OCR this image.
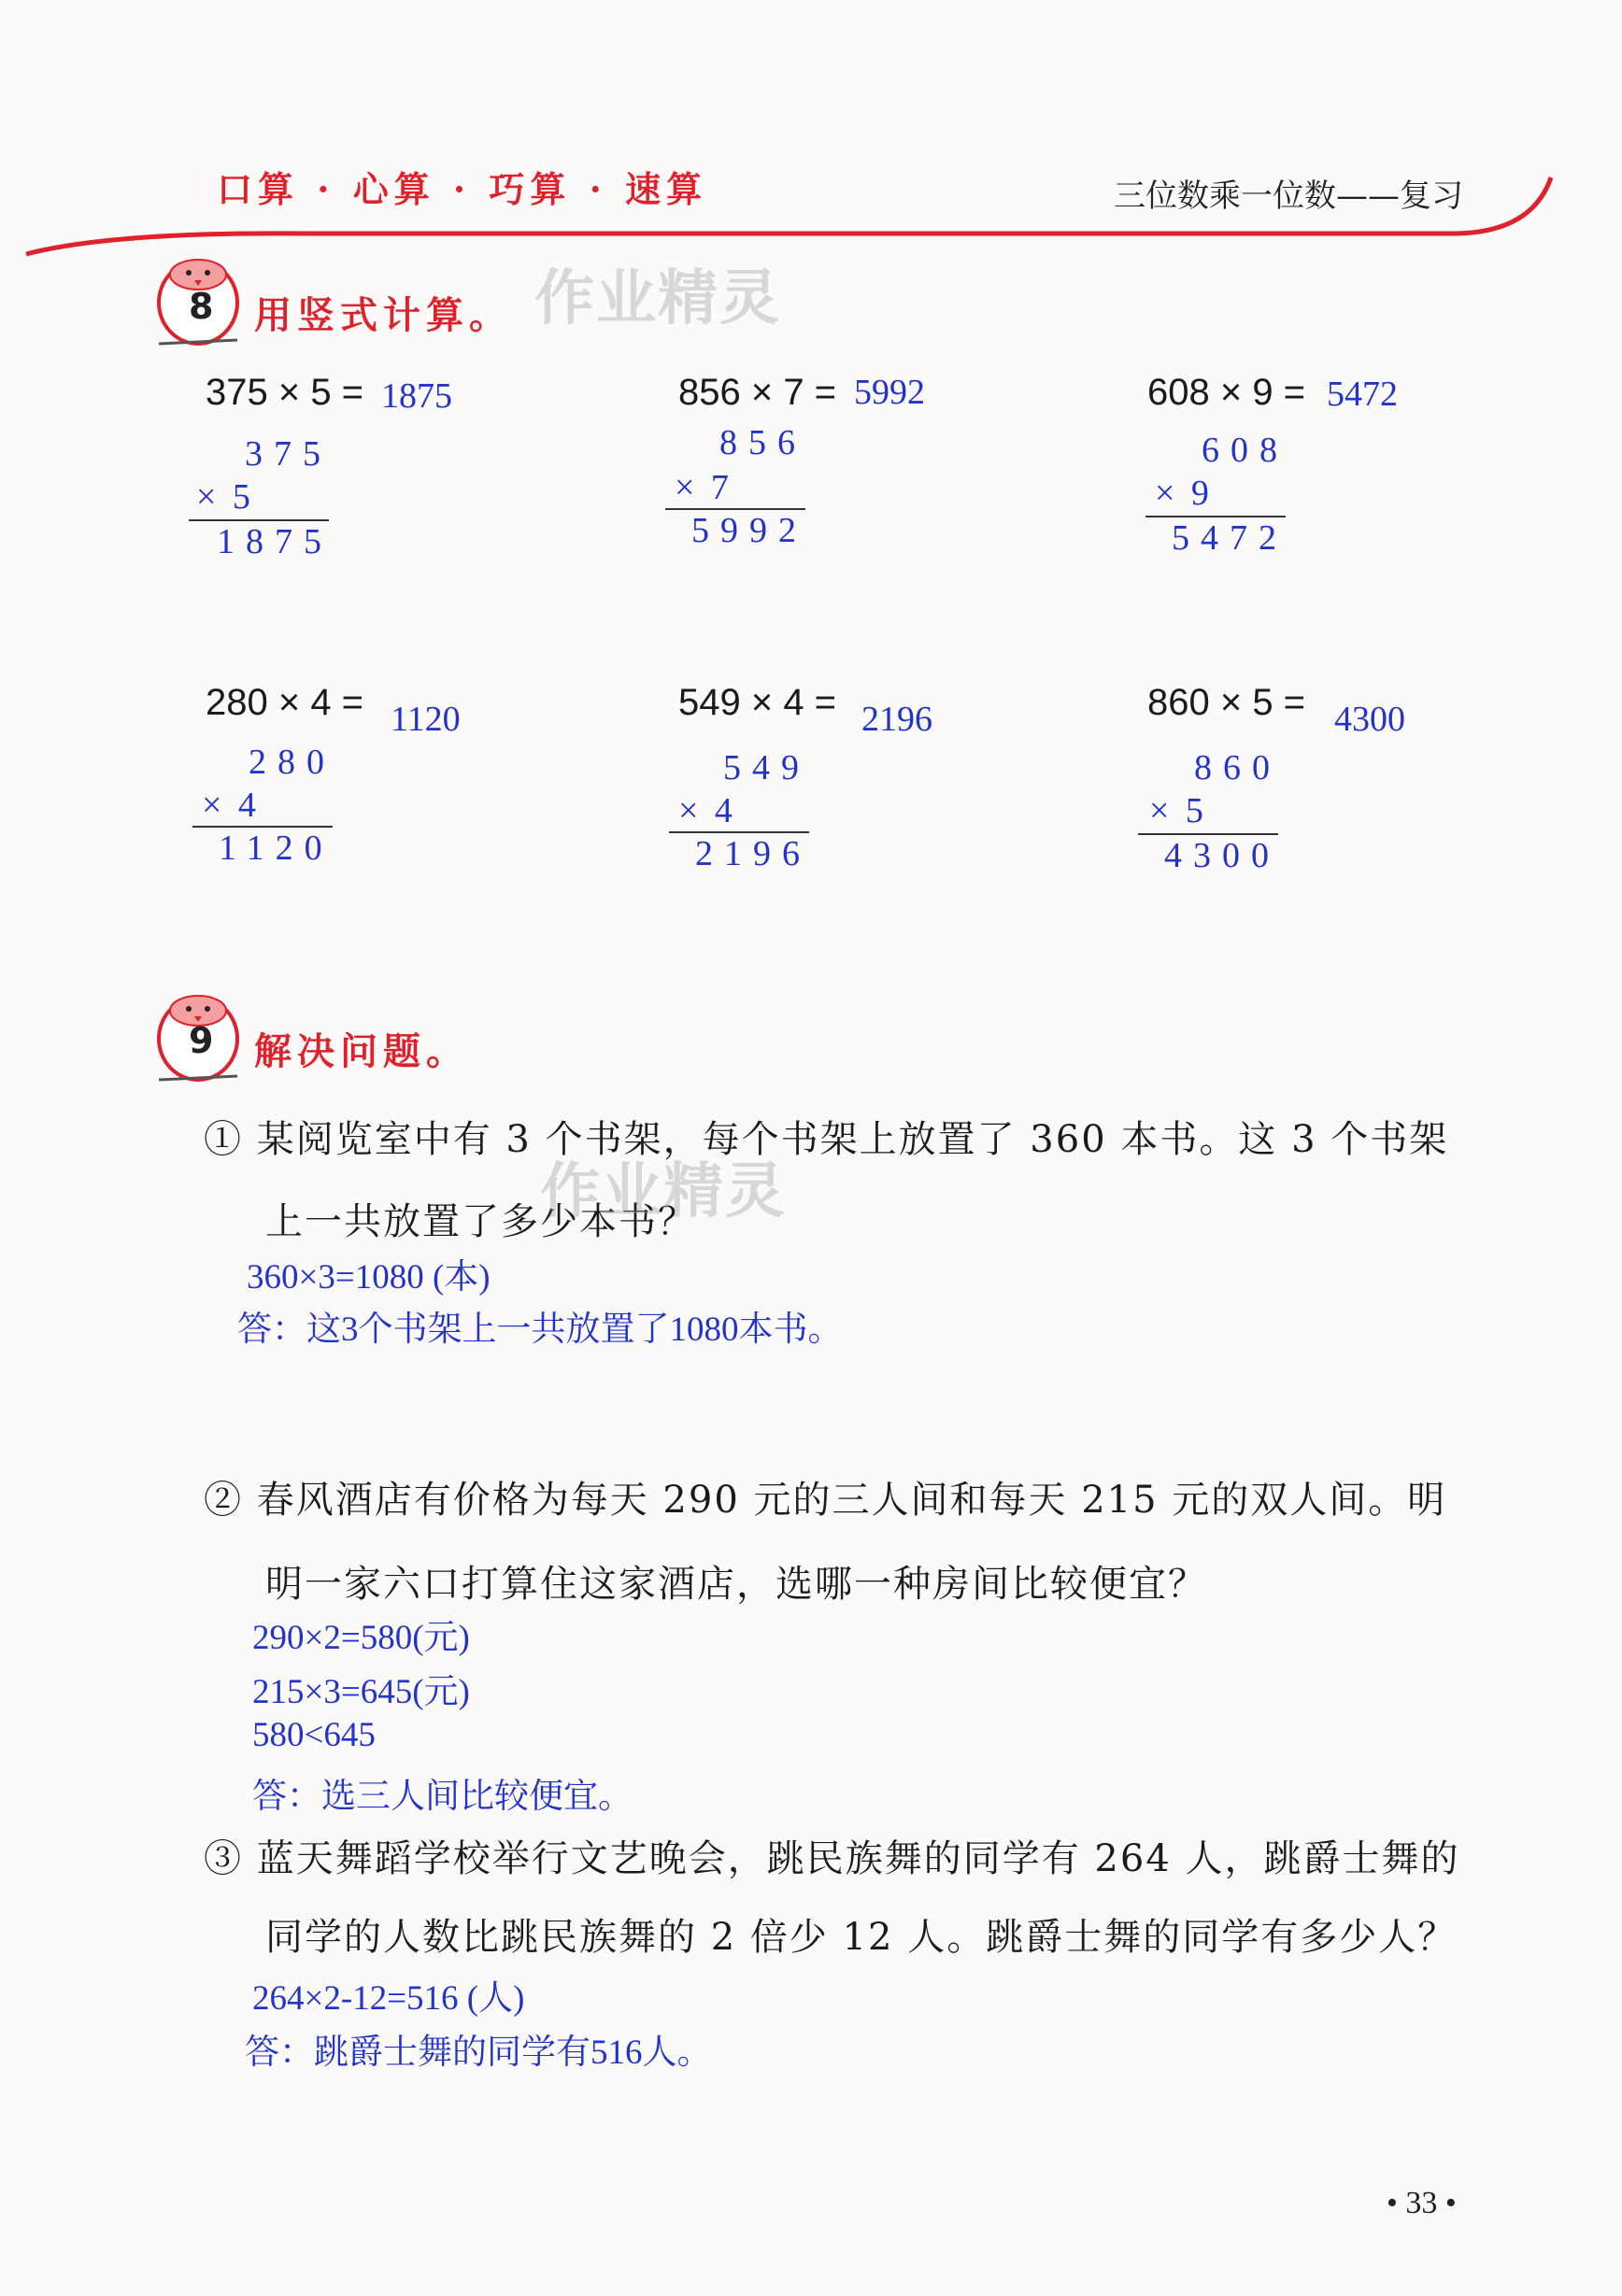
口算 · 心算 · 巧算 · 速算	三位数乘一位数——复习
8 用竖式计算。 作业精灵
375 × 5 = 1875
375
× 5
1875
856 × 7 = 5992
856
× 7
5992
608 × 9 = 5472
608
× 9
5472
280 × 4 = 1120
280
× 4
1120
549 × 4 = 2196
549
× 4
2196
860 × 5 = 4300
860
× 5
4300
9 解决问题。
① 某阅览室中有 3 个书架，每个书架上放置了 360 本书。这 3 个书架
上一共放置了多少本书？
作业精灵
360×3=1080 (本)
答：这3个书架上一共放置了1080本书。
② 春风酒店有价格为每天 290 元的三人间和每天 215 元的双人间。明
明一家六口打算住这家酒店，选哪一种房间比较便宜？
290×2=580(元)
215×3=645(元)
580<645
答：选三人间比较便宜。
③ 蓝天舞蹈学校举行文艺晚会，跳民族舞的同学有 264 人，跳爵士舞的
同学的人数比跳民族舞的 2 倍少 12 人。跳爵士舞的同学有多少人？
264×2-12=516 (人)
答：跳爵士舞的同学有516人。
• 33 •
